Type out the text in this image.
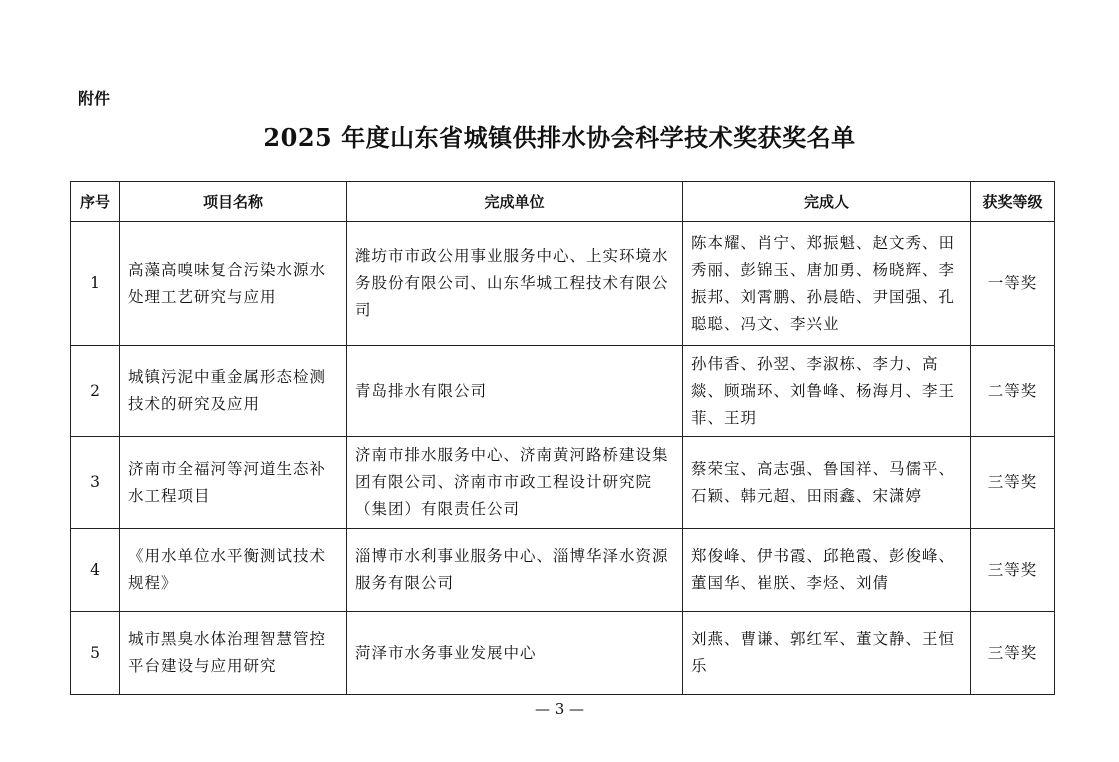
附件
2025 年度山东省城镇供排水协会科学技术奖获奖名单
序号	项目名称	完成单位	完成人	获奖等级
1	高藻高嗅味复合污染水源水处理工艺研究与应用	潍坊市市政公用事业服务中心、上实环境水务股份有限公司、山东华城工程技术有限公司	陈本耀、肖宁、郑振魁、赵文秀、田秀丽、彭锦玉、唐加勇、杨晓辉、李振邦、刘霄鹏、孙晨皓、尹国强、孔聪聪、冯文、李兴业	一等奖
2	城镇污泥中重金属形态检测技术的研究及应用	青岛排水有限公司	孙伟香、孙翌、李淑栋、李力、高燚、顾瑞环、刘鲁峰、杨海月、李王菲、王玥	二等奖
3	济南市全福河等河道生态补水工程项目	济南市排水服务中心、济南黄河路桥建设集团有限公司、济南市市政工程设计研究院（集团）有限责任公司	蔡荣宝、高志强、鲁国祥、马儒平、石颖、韩元超、田雨鑫、宋潇婷	三等奖
4	《用水单位水平衡测试技术规程》	淄博市水利事业服务中心、淄博华泽水资源服务有限公司	郑俊峰、伊书霞、邱艳霞、彭俊峰、董国华、崔朕、李烃、刘倩	三等奖
5	城市黑臭水体治理智慧管控平台建设与应用研究	菏泽市水务事业发展中心	刘燕、曹谦、郭红军、董文静、王恒乐	三等奖
— 3 —
